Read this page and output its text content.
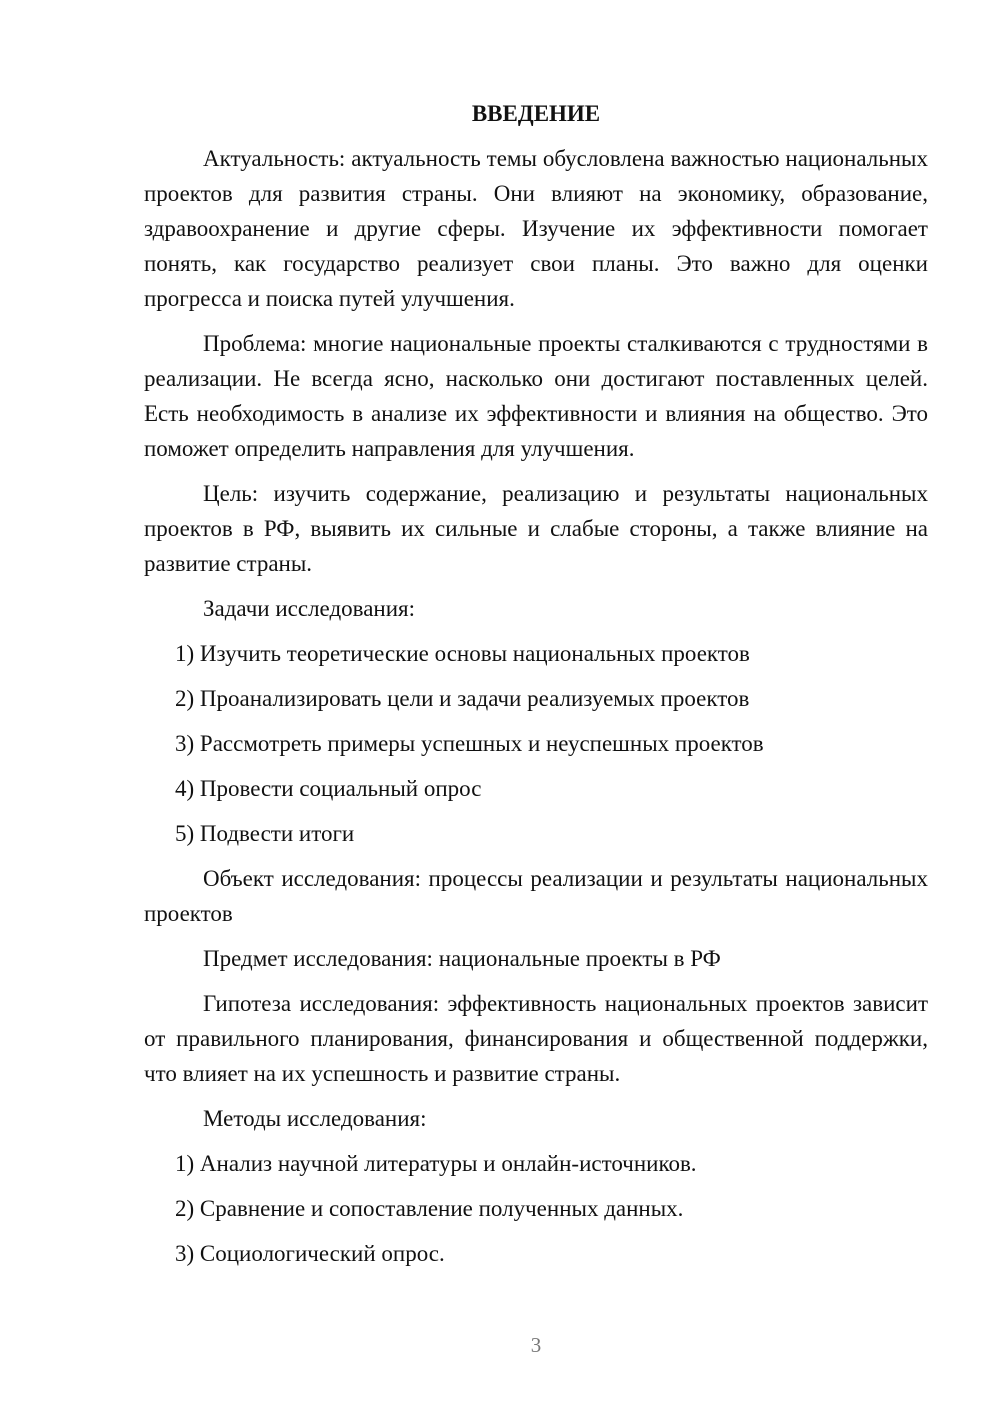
ВВЕДЕНИЕ
Актуальность: актуальность темы обусловлена важностью национальных проектов для развития страны. Они влияют на экономику, образование, здравоохранение и другие сферы. Изучение их эффективности помогает понять, как государство реализует свои планы. Это важно для оценки прогресса и поиска путей улучшения.
Проблема: многие национальные проекты сталкиваются с трудностями в реализации. Не всегда ясно, насколько они достигают поставленных целей. Есть необходимость в анализе их эффективности и влияния на общество. Это поможет определить направления для улучшения.
Цель: изучить содержание, реализацию и результаты национальных проектов в РФ, выявить их сильные и слабые стороны, а также влияние на развитие страны.
Задачи исследования:
1) Изучить теоретические основы национальных проектов
2) Проанализировать цели и задачи реализуемых проектов
3) Рассмотреть примеры успешных и неуспешных проектов
4) Провести социальный опрос
5) Подвести итоги
Объект исследования: процессы реализации и результаты национальных проектов
Предмет исследования: национальные проекты в РФ
Гипотеза исследования: эффективность национальных проектов зависит от правильного планирования, финансирования и общественной поддержки, что влияет на их успешность и развитие страны.
Методы исследования:
1) Анализ научной литературы и онлайн-источников.
2) Сравнение и сопоставление полученных данных.
3) Социологический опрос.
3
